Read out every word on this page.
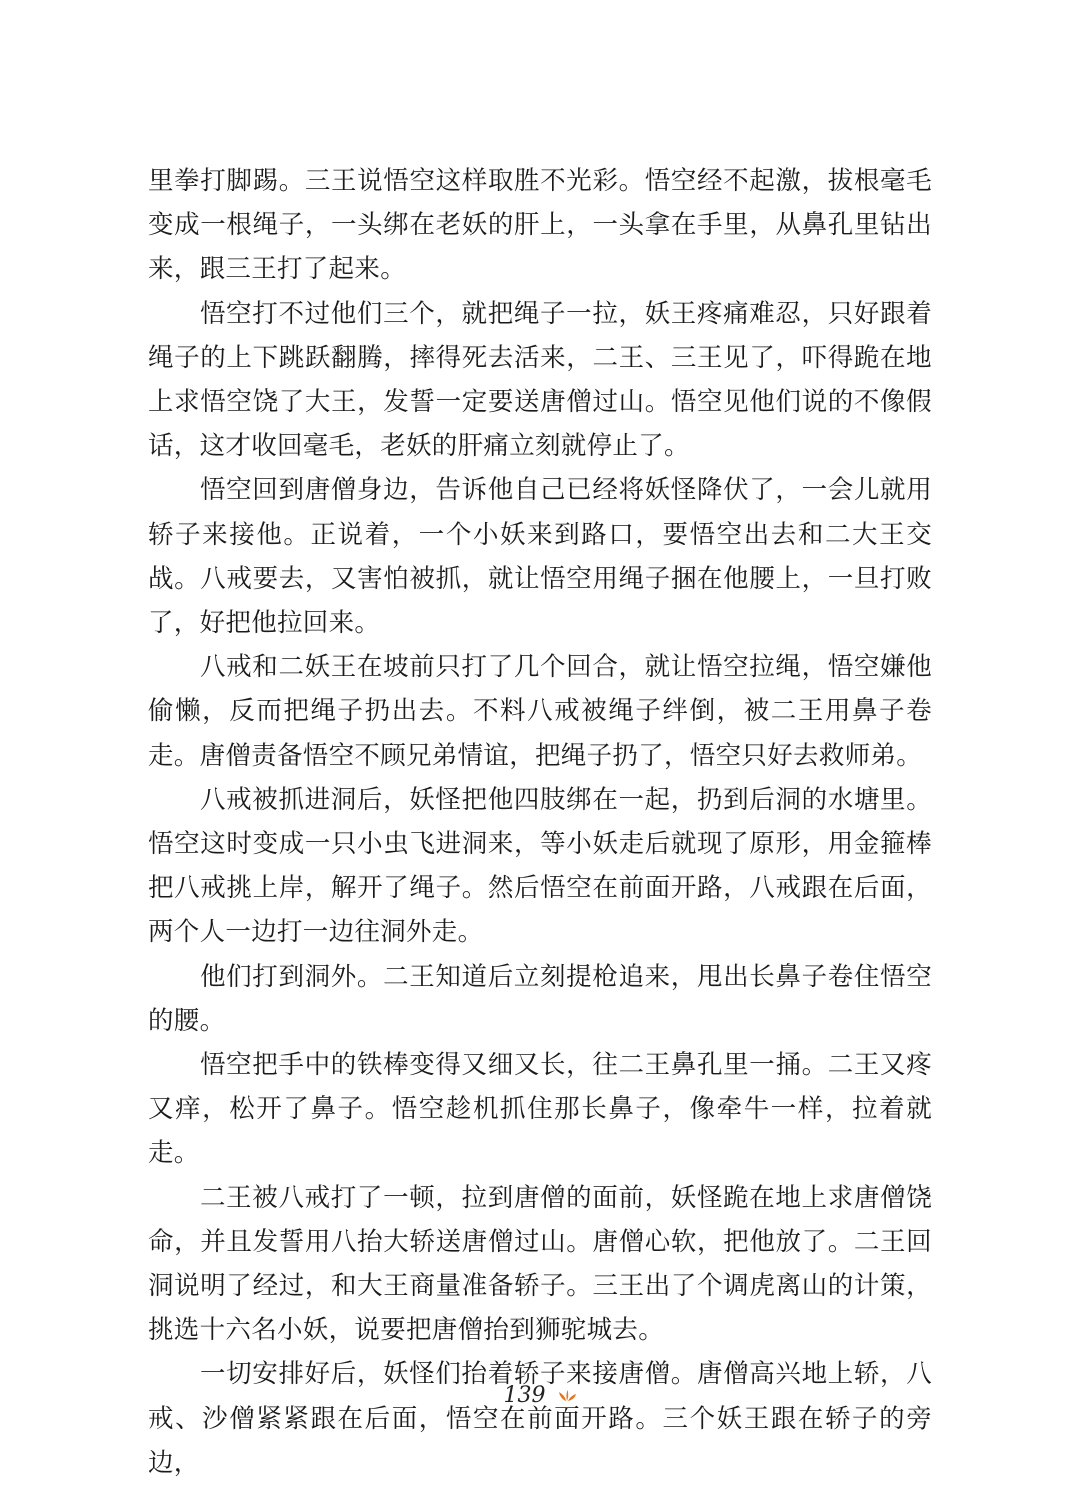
里拳打脚踢。三王说悟空这样取胜不光彩。悟空经不起激，拔根毫毛变成一根绳子，一头绑在老妖的肝上，一头拿在手里，从鼻孔里钻出来，跟三王打了起来。

悟空打不过他们三个，就把绳子一拉，妖王疼痛难忍，只好跟着绳子的上下跳跃翻腾，摔得死去活来，二王、三王见了，吓得跪在地上求悟空饶了大王，发誓一定要送唐僧过山。悟空见他们说的不像假话，这才收回毫毛，老妖的肝痛立刻就停止了。

悟空回到唐僧身边，告诉他自己已经将妖怪降伏了，一会儿就用轿子来接他。正说着，一个小妖来到路口，要悟空出去和二大王交战。八戒要去，又害怕被抓，就让悟空用绳子捆在他腰上，一旦打败了，好把他拉回来。

八戒和二妖王在坡前只打了几个回合，就让悟空拉绳，悟空嫌他偷懒，反而把绳子扔出去。不料八戒被绳子绊倒，被二王用鼻子卷走。唐僧责备悟空不顾兄弟情谊，把绳子扔了，悟空只好去救师弟。

八戒被抓进洞后，妖怪把他四肢绑在一起，扔到后洞的水塘里。悟空这时变成一只小虫飞进洞来，等小妖走后就现了原形，用金箍棒把八戒挑上岸，解开了绳子。然后悟空在前面开路，八戒跟在后面，两个人一边打一边往洞外走。

他们打到洞外。二王知道后立刻提枪追来，甩出长鼻子卷住悟空的腰。

悟空把手中的铁棒变得又细又长，往二王鼻孔里一捅。二王又疼又痒，松开了鼻子。悟空趁机抓住那长鼻子，像牵牛一样，拉着就走。

二王被八戒打了一顿，拉到唐僧的面前，妖怪跪在地上求唐僧饶命，并且发誓用八抬大轿送唐僧过山。唐僧心软，把他放了。二王回洞说明了经过，和大王商量准备轿子。三王出了个调虎离山的计策，挑选十六名小妖，说要把唐僧抬到狮驼城去。

一切安排好后，妖怪们抬着轿子来接唐僧。唐僧高兴地上轿，八戒、沙僧紧紧跟在后面，悟空在前面开路。三个妖王跟在轿子的旁边，

139
